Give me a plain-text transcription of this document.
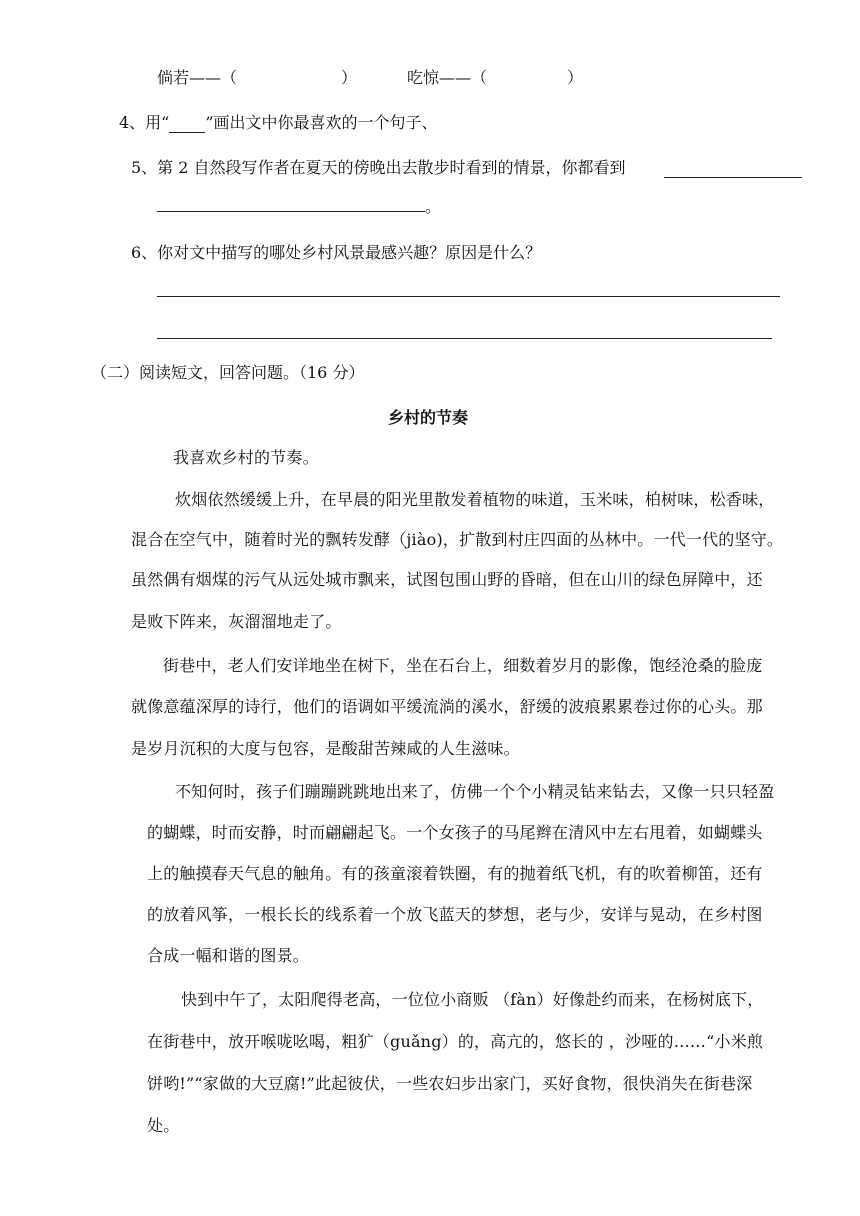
倘若——（	）	吃惊——（	）
4、用“ ”画出文中你最喜欢的一个句子、
5、第 2 自然段写作者在夏天的傍晚出去散步时看到的情景，你都看到
。
6、你对文中描写的哪处乡村风景最感兴趣？原因是什么？
（二）阅读短文，回答问题。（16 分）
乡村的节奏
我喜欢乡村的节奏。
炊烟依然缓缓上升，在早晨的阳光里散发着植物的味道，玉米味，柏树味，松香味，
混合在空气中，随着时光的飘转发酵（jiào)，扩散到村庄四面的丛林中。一代一代的坚守。
虽然偶有烟煤的污气从远处城市飘来，试图包围山野的昏暗，但在山川的绿色屏障中，还
是败下阵来，灰溜溜地走了。
街巷中，老人们安详地坐在树下，坐在石台上，细数着岁月的影像，饱经沧桑的脸庞
就像意蕴深厚的诗行，他们的语调如平缓流淌的溪水，舒缓的波痕累累卷过你的心头。那
是岁月沉积的大度与包容，是酸甜苦辣咸的人生滋味。
不知何时，孩子们蹦蹦跳跳地出来了，仿佛一个个小精灵钻来钻去，又像一只只轻盈
的蝴蝶，时而安静，时而翩翩起飞。一个女孩子的马尾辫在清风中左右甩着，如蝴蝶头
上的触摸春天气息的触角。有的孩童滚着铁圈，有的抛着纸飞机，有的吹着柳笛，还有
的放着风筝，一根长长的线系着一个放飞蓝天的梦想，老与少，安详与晃动，在乡村图
合成一幅和谐的图景。
快到中午了，太阳爬得老高，一位位小商贩 （fàn）好像赴约而来，在杨树底下，
在街巷中，放开喉咙吆喝，粗犷（guǎng）的，高亢的，悠长的 ，沙哑的……“小米煎
饼哟!”“家做的大豆腐!”此起彼伏，一些农妇步出家门，买好食物，很快消失在街巷深
处。
